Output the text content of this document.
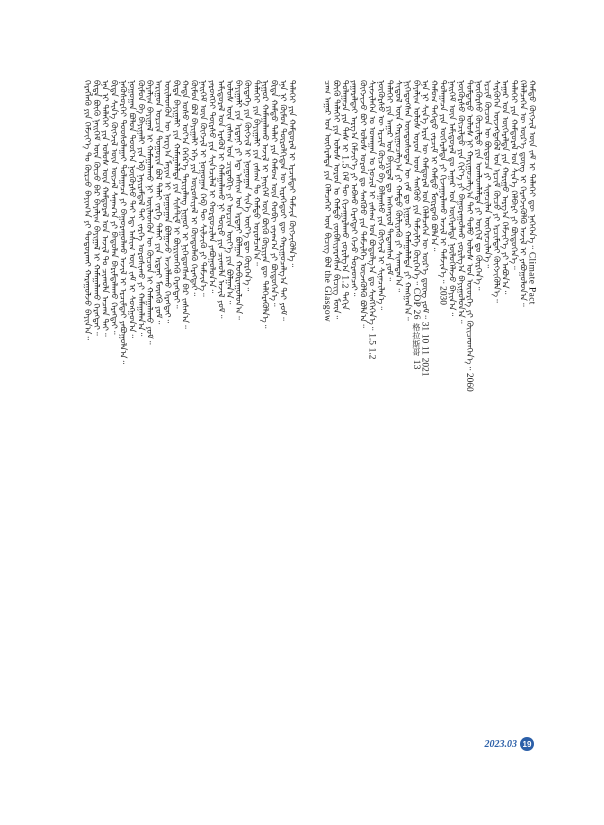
ᠬᠡᠷᠡᠭᠯᠡᠬᠦ ᠶᠢᠨ ᠬᠡᠮᠵᠢᠶ᠎ᠡ ᠲᠤ ᠬᠦᠷᠴᠦ ᠪᠠᠶᠢᠭ᠎ᠠ ᠶᠢ ᠲᠣᠳᠣᠷᠬᠠᠢ ᠬᠠᠷᠠᠭᠤᠯᠵᠤ ᠪᠠᠶᠢᠨ᠎ᠠ᠃
ᠪᠢᠳᠡ ᠪᠦᠬᠦ ᠨᠡᠢᠭᠡᠮ ᠦᠨ ᠬᠦᠴᠦ ᠪᠡᠷ ᠪᠠᠶᠠᠯᠢᠭ ᠪᠠᠶᠢᠭᠠᠯ ᠢ ᠬᠠᠮᠠᠭᠠᠯᠠᠬᠤ ᠬᠡᠷᠡᠭᠲᠡᠢ᠃
ᠡᠨᠡ ᠨᠢ ᠳᠡᠯᠡᠬᠡᠢ ᠶᠢᠨ ᠤᠯᠤᠰ ᠦᠨ ᠬᠠᠮᠲᠤᠷᠠᠯ ᠤᠨ ᠠᠵᠢᠯ ᠲᠤ ᠴᠢᠬᠤᠯᠠ ᠠᠴᠬᠠ ᠲᠠᠢ᠃
ᠪᠢᠳᠡ ᠰᠢᠨ᠎ᠡ ᠬᠦᠭᠵᠢᠯ ᠦᠨ ᠦᠵᠡᠯ ᠰᠠᠨᠠᠭ᠎ᠠ ᠶᠢ ᠪᠠᠲᠤᠯᠠᠨ ᠪᠠᠷᠢᠮᠲᠠᠯᠠᠬᠤ ᠬᠡᠷᠡᠭᠲᠡᠢ᠃
ᠨᠡᠭᠦᠰᠦᠷᠬᠡᠶ ᠲᠣᠣᠰᠣᠯᠠᠭᠠᠢ ᠳᠤᠯᠠᠭᠠᠴᠠ ᠶᠢ ᠪᠠᠭᠤᠷᠠᠭᠤᠯᠬᠤ ᠠᠵᠢᠯ ᠢ ᠡᠷᠴᠢᠮᠲᠡᠢ ᠶᠠᠪᠤᠭᠤᠯᠨ᠎ᠠ᠃
ᠨᠣᠭᠤᠭᠠᠨ ᠪᠣᠯᠤᠨ ᠳᠣᠣᠷ᠎ᠠ ᠨᠦᠭᠦᠷᠰᠦ ᠲᠠᠢ ᠡᠳ᠋ ᠠᠰᠢᠭ ᠦᠨ ᠵᠠᠮ ᠢ ᠰᠣᠩᠭᠣᠨ᠎ᠠ᠃
ᠬᠦᠮᠦᠨ ᠪᠠ ᠪᠠᠶᠢᠭᠠᠯᠢ ᠶᠢᠨ ᠡᠪ ᠨᠠᠶᠢᠷᠠᠮᠳᠠᠯ ᠲᠠᠢ ᠵᠡᠷᠭᠡ ᠣᠷᠣᠰᠢᠬᠤ ᠶᠢ ᠬᠠᠮᠠᠭᠠᠯᠠᠨ᠎ᠠ᠃
ᠪᠠᠶᠠᠯᠢᠭ ᠪᠠᠶᠢᠭᠠᠯ ᠢ ᠬᠠᠮᠠᠭᠠᠯᠠᠬᠤ ᠨᠢ ᠦᠢᠯᠡᠳᠬᠦᠨ ᠦ ᠬᠦᠴᠦᠨ ᠢ ᠬᠠᠮᠠᠭᠠᠯᠠᠬᠤ ᠶᠤᠮ᠃
ᠠᠷᠢᠭᠤᠨ ᠣᠷᠴᠢᠨ ᠲᠣᠭᠣᠷᠢᠨ ᠪᠣᠯ ᠳᠠᠯᠠᠶ ᠵᠡᠷᠭᠡ ᠳᠠᠯᠠᠢ ᠶᠢᠨ ᠡᠷᠳᠡᠨᠢ ᠮᠥᠩᠭᠥ ᠶᠤᠮ᠃
ᠦᠢᠯᠡᠳᠬᠦᠨ ᠦ ᠠᠷᠭ᠎ᠠ ᠮᠠᠶᠢᠭ ᠢ ᠨᠣᠭᠤᠭᠠᠨ ᠪᠤᠯᠭᠠᠵᠤ ᠠᠵᠢᠯᠯᠠᠬᠤ ᠬᠡᠷᠡᠭᠲᠡᠢ᠃
ᠪᠢᠳᠡ ᠪᠠᠶᠢᠭᠠᠯᠢ ᠶᠢᠨ ᠬᠠᠮᠠᠭᠠᠯᠠᠯᠲᠠ ᠶᠢᠨ ᠰᠢᠰᠲ᠋ᠧᠮ ᠢ ᠪᠦᠷᠢᠳᠬᠡᠬᠦ ᠬᠡᠷᠡᠭᠲᠡᠢ᠃
ᠬᠠᠳᠠ ᠤᠰᠤ ᠣᠶ᠎ᠠ ᠬᠡᠭᠡᠷ᠎ᠡ ᠲᠠᠷᠢᠶᠠᠯᠠᠩ ᠨᠢᠭᠤᠷ ᠢ ᠨᠢᠭᠡᠳᠦᠭᠰᠡᠨ ᠪᠡᠷ ᠵᠠᠰᠠᠨ᠎ᠠ᠃
ᠬᠦᠮᠦᠨ ᠪᠣᠯ ᠪᠠᠶᠢᠭᠠᠯᠢ ᠡᠬᠡ ᠶᠢᠨ ᠥᠷᠦᠰᠢᠶᠡᠯ ᠢ ᠬᠦᠨᠳᠦᠯᠡᠬᠦ ᠬᠡᠷᠡᠭᠲᠡᠢ᠃
ᠨᠡᠢᠭᠡᠮ ᠦᠨ ᠬᠥᠭᠵᠢᠯ ᠢ ᠨᠣᠭᠤᠭᠠᠨ ᠬᠡᠪ ᠲᠦ ᠰᠢᠯᠵᠢᠬᠦ ᠶᠢ ᠳᠡᠮᠵᠢᠨ᠎ᠡ᠃
ᠶᠡᠷᠦᠩᠬᠡᠢ ᠳᠦᠷᠰᠦ ᠶᠢᠨ ᠰᠢᠨ᠎ᠡᠴᠢᠯᠡᠯ ᠢ ᠬᠤᠷᠳᠤᠴᠢᠯᠠᠨ ᠶᠠᠪᠤᠭᠤᠯᠤᠨ᠎ᠠ᠃
ᠠᠮᠢᠳᠤᠷᠠᠯ ᠤᠨ ᠡᠷᠡᠭᠦᠯ ᠢ ᠬᠠᠮᠠᠭᠠᠯᠠᠬᠤ ᠨᠢ ᠲᠥᠷᠦ ᠶᠢᠨ ᠴᠢᠬᠤᠯᠠ ᠠᠵᠢᠯ ᠶᠤᠮ᠃
ᠤᠯᠤᠰ ᠦᠨ ᠵᠠᠰᠠᠭ ᠤᠨ ᠴᠢᠳᠠᠪᠬᠢ ᠶᠢ ᠣᠷᠴᠢᠨ ᠦᠶ᠎ᠡ ᠶᠢᠨ ᠪᠣᠯᠭᠠᠨ᠎ᠠ᠃
ᠪᠠᠶᠢᠭᠠᠯᠢ ᠶᠢᠨ ᠡᠷᠳᠡᠨᠢ ᠶᠢ ᠡᠳ᠋ ᠠᠰᠢᠭ ᠤᠨ ᠡᠷᠳᠡᠨᠢ ᠪᠣᠯᠭᠠᠨ ᠬᠤᠪᠢᠷᠠᠭᠤᠯᠤᠨ᠎ᠠ᠃
ᠬᠥᠳᠡᠭᠡ ᠶᠢᠨ ᠬᠥᠭᠵᠢᠯ ᠢ ᠨᠣᠭᠤᠭᠠᠨ ᠰᠢᠨ᠎ᠡ ᠦᠶ᠎ᠡ ᠳᠦ ᠬᠦᠷᠭᠡᠨ᠎ᠡ᠃
ᠳᠡᠯᠡᠬᠡᠢ ᠶᠢᠨ ᠪᠠᠶᠢᠭᠠᠯᠢ ᠶᠢᠨ ᠵᠠᠰᠠᠭ ᠲᠤ ᠬᠠᠮᠲᠤ ᠣᠷᠤᠯᠴᠠᠨ᠎ᠠ᠃
ᠨᠢᠭᠤᠷ ᠬᠠᠮᠠᠭᠠᠯᠠᠬᠤ ᠠᠵᠢᠯ ᠢ ᠨᠡᠢᠭᠡᠮ ᠦᠨ ᠪᠦᠬᠦ ᠬᠦᠷᠢᠶᠡᠨ ᠳᠦ ᠳᠡᠯᠭᠡᠷᠡᠭᠦᠯᠨ᠎ᠡ᠃
ᠪᠢᠳᠡ ᠬᠠᠮᠲᠤ ᠳᠠᠯᠠᠶ ᠶᠢᠨ ᠬᠠᠮᠤᠭ ᠦᠨ ᠬᠣᠪᠢ ᠵᠠᠶᠠᠭ᠎ᠠ ᠶᠢ ᠪᠦᠲᠦᠭᠡᠨ᠎ᠡ᠃
ᠡᠨᠡ ᠨᠢ ᠬᠦᠮᠦᠨ ᠲᠥᠷᠦᠯᠬᠢᠲᠡᠨ ᠦ ᠢᠷᠡᠭᠡᠳᠦᠢ ᠳᠦ ᠬᠠᠷᠢᠭᠤᠴᠠᠯᠭ᠎ᠠ ᠲᠠᠢ ᠶᠤᠮ᠃
ᠳᠡᠯᠡᠬᠡᠢ ᠶᠢᠨ ᠬᠠᠮᠲᠤᠷᠠᠯ ᠢ ᠡᠷᠴᠢᠮᠲᠡᠢ ᠳᠡᠮᠵᠢᠨ ᠬᠥᠭᠵᠢᠭᠦᠯᠨ᠎ᠡ᠃	ᠴᠠᠭ ᠠᠭᠠᠷ ᠤᠨ ᠥᠭᠡᠷᠡᠯᠲᠡ ᠶᠢᠨ ᠬᠡᠯᠡᠴᠡᠭᠡᠷ ᠦᠨ ᠪᠢᠴᠢᠭ ᠪᠣᠯ the Glasgow
ᠪᠦᠬᠦ ᠳᠡᠯᠡᠬᠡᠢ ᠶᠢᠨ ᠤᠯᠤᠰ ᠣᠷᠣᠨ ᠤ ᠬᠠᠮᠲᠤ ᠵᠥᠪᠰᠢᠶᠡᠷᠡᠭᠰᠡᠨ ᠪᠢᠴᠢᠭ ᠮᠥᠨ᠃
ᠳᠤᠯᠠᠭᠠᠴᠠ ᠶᠢᠨ ᠳᠡᠰ ᠢ 1.5 ᠬᠡᠮ ᠲᠦ ᠬᠢᠵᠠᠭᠠᠷᠯᠠᠬᠤ ᠵᠣᠷᠢᠯᠭ᠎ᠠ 1.2 ᠳᠠᠬᠢᠨ
ᠶᠠᠭᠠᠷᠠᠯᠲᠠᠢ ᠠᠷᠭ᠎ᠠ ᠬᠡᠮᠵᠢᠶ᠎ᠡ ᠶᠢ ᠠᠪᠬᠤ ᠬᠡᠷᠡᠭᠲᠡᠢ ᠭᠡᠵᠦ ᠳᠤᠷᠠᠳᠴᠠᠢ᠃
ᠬᠥᠭᠵᠢᠵᠦ ᠪᠤᠢ ᠤᠯᠤᠰ ᠣᠷᠣᠨ ᠳᠤ ᠰᠠᠩᠬᠦᠦ ᠶᠢᠨ ᠳᠡᠮᠵᠢᠯᠭᠡ ᠦᠵᠡᠭᠦᠯᠬᠦ ᠪᠣᠯᠨ᠎ᠠ᠃
ᠰᠢᠨᠵᠢᠯᠡᠭᠡᠨ ᠤ ᠤᠬᠠᠭᠠᠨ ᠤ ᠨᠣᠴᠢᠯ ᠢ ᠵᠠᠰᠠᠭ ᠤᠨ ᠪᠣᠳᠤᠯᠭ᠎ᠠ ᠳᠤ ᠰᠢᠩᠭᠡᠭᠡᠨ᠎ᠡ᠃ 1.5 1.2
ᠨᠦᠭᠦᠷᠰᠦ ᠦ ᠡᠷᠴᠢᠮ ᠬᠦᠴᠦ ᠪᠠ ᠪᠠᠯᠭᠠᠰᠤ ᠶᠢᠨ ᠬᠥᠭᠵᠢᠯ ᠢ ᠰᠢᠨᠡᠴᠢᠯᠡᠨ᠎ᠡ᠃
ᠳᠡᠯᠡᠬᠡᠢ ᠶᠢᠨ ᠠᠭᠠᠷ ᠤᠨ ᠪᠠᠶᠢᠳᠠᠯ ᠳᠤ ᠠᠩᠬᠠᠷᠤᠯ ᠲᠠᠲᠠᠭᠰᠠᠨ ᠶᠤᠮ᠃
ᠰᠢᠳᠦᠯ ᠦᠨ ᠬᠠᠷᠢᠭᠤᠴᠠᠯᠭ᠎ᠠ ᠶᠢ ᠬᠠᠮᠲᠤ ᠬᠦᠯᠢᠶᠡᠬᠦ ᠶᠢ ᠰᠢᠬᠠᠳᠠᠨ᠎ᠠ᠃
ᠨᠢᠭᠡᠳᠦᠭᠰᠡᠨ ᠦᠨᠳᠦᠰᠦᠲᠡᠨ ᠦ ᠵᠠᠮ ᠳᠤ ᠨᠢᠭᠤᠷ ᠬᠠᠮᠠᠭᠠᠯᠠᠯᠲᠠ ᠶᠢ ᠬᠠᠩᠭᠠᠨ᠎ᠠ᠃
ᠪᠠᠶᠠᠯᠢᠭ ᠤᠯᠤᠰ ᠣᠷᠣᠨ ᠤᠳ ᠰᠠᠩᠬᠦᠦ ᠶᠢᠨ ᠳᠡᠮᠵᠢᠯᠭᠡ ᠬᠦᠷᠭᠡᠨ᠎ᠡ᠃ COP 26 格拉斯哥 13
ᠡᠨᠡ ᠨᠢ ᠰᠢᠨ᠎ᠡ ᠡᠷᠢᠨ ᠦ ᠬᠠᠮᠲᠤᠷᠠᠯ ᠤᠨ ᠬᠡᠯᠡᠯᠴᠡᠭᠡᠨ ᠦ ᠦᠷ᠎ᠡ ᠳ᠋ᠦᠩ ᠶᠤᠮ᠃ 31 10 11 2021
ᠬᠠᠮᠤᠭ ᠳᠡᠭᠡᠳᠦ ᠵᠠᠷᠴᠢᠮ ᠢ ᠬᠠᠮᠲᠤ ᠮᠥᠷᠳᠡᠬᠦ ᠪᠣᠯᠨ᠎ᠠ᠃
ᠳᠤᠯᠠᠭᠠᠴᠠ ᠶᠢᠨ ᠥᠭᠡᠷᠡᠯᠲᠡ ᠶᠢ ᠬᠢᠵᠠᠭᠠᠷᠯᠠᠬᠤ ᠠᠵᠢᠯ ᠢ ᠳᠡᠮᠵᠢᠨ᠎ᠡ᠃ 2030
ᠨᠡᠢᠭᠡᠮ ᠦᠨ ᠠᠮᠢᠳᠤᠷᠠᠯ ᠳᠤ ᠠᠭᠠᠷ ᠤᠨ ᠥᠭᠡᠷᠡᠯᠲᠡ ᠨᠥᠯᠦᠭᠡᠯᠡᠵᠦ ᠪᠠᠶᠢᠨ᠎ᠠ᠃
ᠨᠥᠭᠦᠷᠰᠦ ᠬᠦᠴᠢᠯᠲᠦ ᠶᠢᠨ ᠬᠢᠶ᠎ᠡ ᠶᠢ ᠪᠠᠭᠤᠷᠠᠭᠤᠯᠬᠤ ᠵᠣᠷᠢᠯᠭ᠎ᠠ ᠪᠠᠶᠢᠭᠤᠯᠤᠨ᠎ᠠ᠃
ᠳᠤᠮᠳᠠᠳᠤ ᠤᠯᠤᠰ ᠨᠢ ᠬᠠᠷᠢᠭᠤᠴᠠᠯᠭ᠎ᠠ ᠲᠠᠢ ᠲᠣᠮᠣ ᠤᠯᠤᠰ ᠤᠨ ᠦᠦᠷᠭᠡ ᠶᠢ ᠭᠦᠢᠴᠡᠳᠬᠡᠨ᠎ᠡ᠃ 2060
ᠨᠥᠭᠦᠷᠰᠦ ᠬᠦᠴᠢᠯᠲᠦ ᠶᠢᠨ ᠤᠭᠯᠤᠭᠯᠠᠯᠲᠠ ᠶᠢ ᠣᠷᠭᠢᠯ ᠳᠤ ᠬᠦᠷᠭᠡᠨ᠎ᠡ᠃
ᠡᠷᠴᠢᠮ ᠬᠦᠴᠦᠨ ᠦ ᠪᠦᠲᠦᠴᠡ ᠶᠢ ᠰᠢᠨᠡᠴᠢᠯᠡᠨ ᠥᠭᠡᠷᠡᠴᠢᠯᠡᠨ᠎ᠡ᠃
ᠰᠡᠷᠭᠦᠭᠡᠨ ᠦᠵᠡᠭᠳᠡᠭᠦᠯ ᠤᠨ ᠡᠷᠴᠢᠮ ᠬᠦᠴᠦ ᠶᠢ ᠡᠷᠴᠢᠮᠲᠡᠢ ᠬᠥᠭᠵᠢᠭᠦᠯᠨ᠎ᠡ᠃
ᠠᠭᠠᠷ ᠤᠨ ᠥᠭᠡᠷᠡᠯᠲᠡ ᠶᠢᠨ ᠬᠠᠷᠢᠭᠤ ᠠᠷᠭ᠎ᠠ ᠬᠡᠮᠵᠢᠶ᠎ᠡ ᠶᠢ ᠠᠪᠤᠨ᠎ᠠ᠃
ᠳᠡᠯᠡᠬᠡᠢ ᠶᠢᠨ ᠬᠠᠮᠲᠤᠷᠠᠯ ᠤᠨ ᠰᠢᠨ᠎ᠡ ᠬᠡᠯᠪᠡᠷᠢ ᠶᠢ ᠪᠦᠲᠦᠭᠡᠨ᠎ᠡ᠃
ᠬᠡᠯᠡᠯᠴᠡᠭᠡᠨ ᠦ ᠦᠷ᠎ᠡ ᠳ᠋ᠦᠩ ᠢ ᠬᠡᠷᠡᠭᠵᠢᠭᠦᠯᠬᠦ ᠠᠵᠢᠯ ᠢ ᠶᠠᠪᠤᠭᠤᠯᠤᠨ᠎ᠠ᠃
ᠬᠠᠮᠲᠤ ᠬᠥᠭᠵᠢᠯ ᠦᠨ ᠵᠠᠮ ᠢ ᠳᠡᠯᠡᠬᠡᠢ ᠳᠦ ᠨᠡᠭᠡᠭᠡᠨ᠎ᠡ᠃ Climate Pact
2023.03 19
